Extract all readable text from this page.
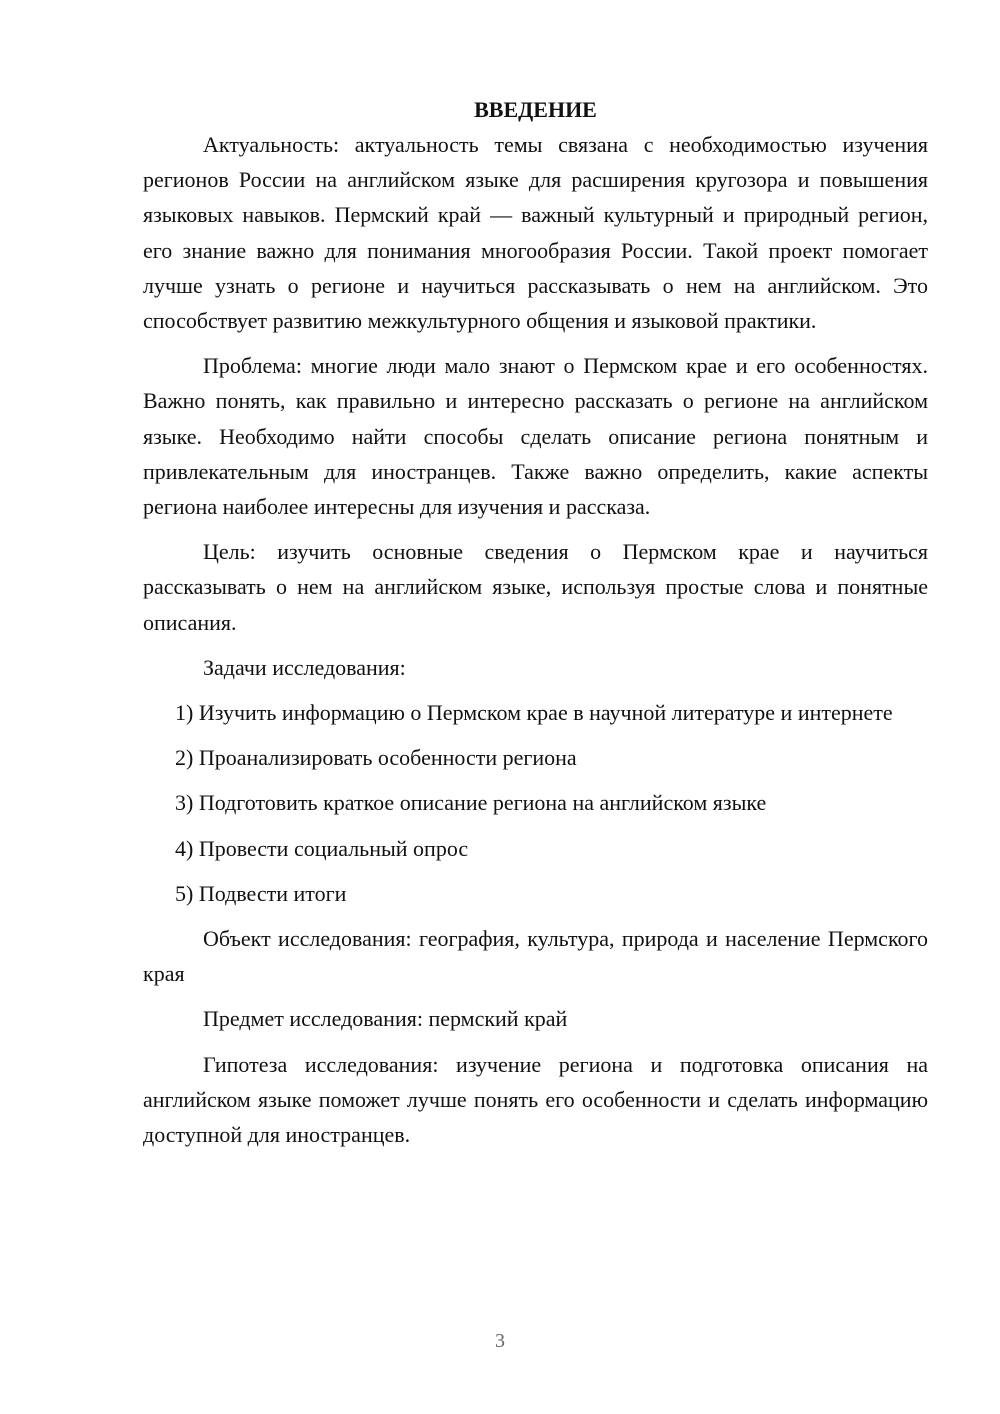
ВВЕДЕНИЕ

Актуальность: актуальность темы связана с необходимостью изучения регионов России на английском языке для расширения кругозора и повышения языковых навыков. Пермский край — важный культурный и природный регион, его знание важно для понимания многообразия России. Такой проект помогает лучше узнать о регионе и научиться рассказывать о нем на английском. Это способствует развитию межкультурного общения и языковой практики.

Проблема: многие люди мало знают о Пермском крае и его особенностях. Важно понять, как правильно и интересно рассказать о регионе на английском языке. Необходимо найти способы сделать описание региона понятным и привлекательным для иностранцев. Также важно определить, какие аспекты региона наиболее интересны для изучения и рассказа.

Цель: изучить основные сведения о Пермском крае и научиться рассказывать о нем на английском языке, используя простые слова и понятные описания.

Задачи исследования:

1) Изучить информацию о Пермском крае в научной литературе и интернете
2) Проанализировать особенности региона
3) Подготовить краткое описание региона на английском языке
4) Провести социальный опрос
5) Подвести итоги

Объект исследования: география, культура, природа и население Пермского края

Предмет исследования: пермский край

Гипотеза исследования: изучение региона и подготовка описания на английском языке поможет лучше понять его особенности и сделать информацию доступной для иностранцев.

3
